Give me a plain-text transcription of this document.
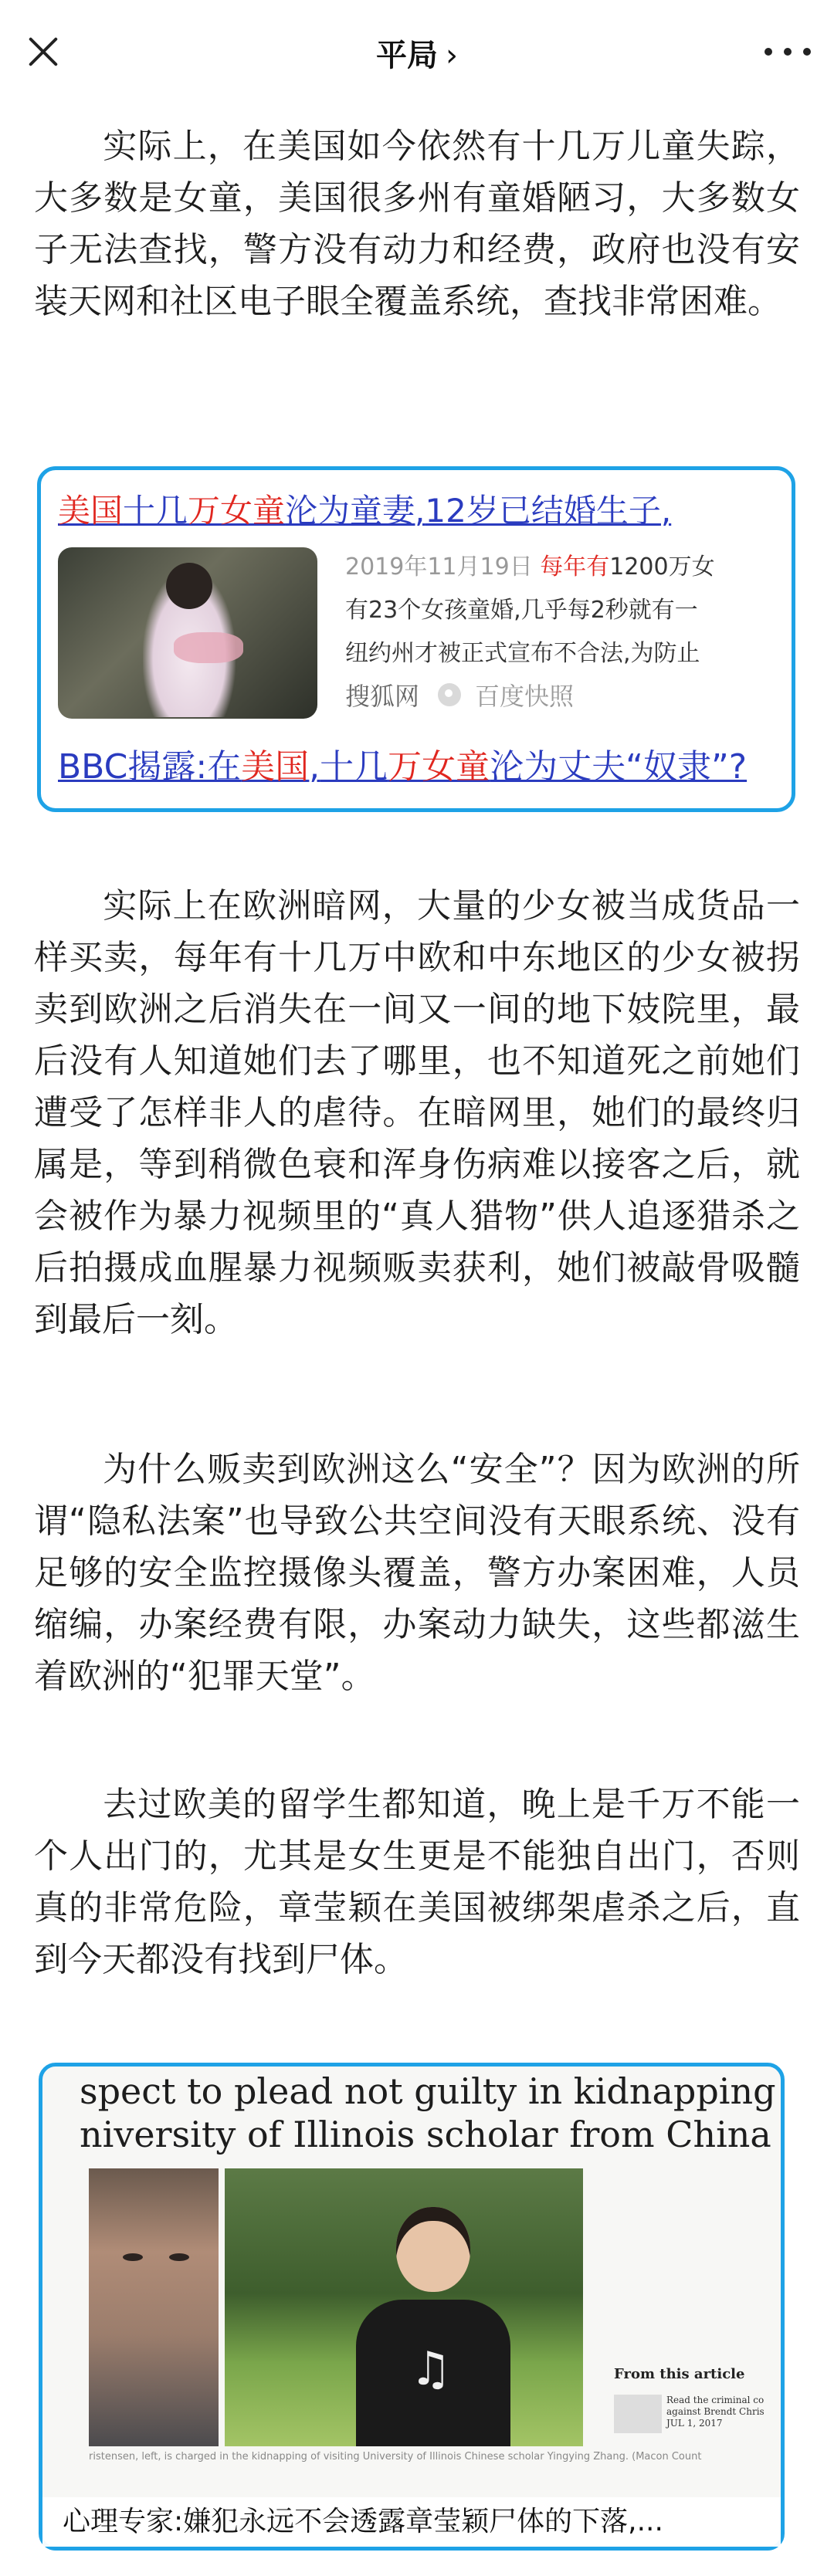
平局 ›
实际上，在美国如今依然有十几万儿童失踪，大多数是女童，美国很多州有童婚陋习，大多数女子无法查找，警方没有动力和经费，政府也没有安装天网和社区电子眼全覆盖系统，查找非常困难。
美国十几万女童沦为童妻,12岁已结婚生子,
2019年11月19日 每年有1200万女
有23个女孩童婚,几乎每2秒就有一
纽约州才被正式宣布不合法,为防止
搜狐网 百度快照
BBC揭露:在美国,十几万女童沦为丈夫“奴隶”?
实际上在欧洲暗网，大量的少女被当成货品一样买卖，每年有十几万中欧和中东地区的少女被拐卖到欧洲之后消失在一间又一间的地下妓院里，最后没有人知道她们去了哪里，也不知道死之前她们遭受了怎样非人的虐待。在暗网里，她们的最终归属是，等到稍微色衰和浑身伤病难以接客之后，就会被作为暴力视频里的“真人猎物”供人追逐猎杀之后拍摄成血腥暴力视频贩卖获利，她们被敲骨吸髓到最后一刻。
为什么贩卖到欧洲这么“安全”？因为欧洲的所谓“隐私法案”也导致公共空间没有天眼系统、没有足够的安全监控摄像头覆盖，警方办案困难，人员缩编，办案经费有限，办案动力缺失，这些都滋生着欧洲的“犯罪天堂”。
去过欧美的留学生都知道，晚上是千万不能一个人出门的，尤其是女生更是不能独自出门，否则真的非常危险，章莹颖在美国被绑架虐杀之后，直到今天都没有找到尸体。
spect to plead not guilty in kidnapping
niversity of Illinois scholar from China
♫
ristensen, left, is charged in the kidnapping of visiting University of Illinois Chinese scholar Yingying Zhang. (Macon Count
From this article
Read the criminal co against Brendt Chris
JUL 1, 2017
心理专家:嫌犯永远不会透露章莹颖尸体的下落,...
